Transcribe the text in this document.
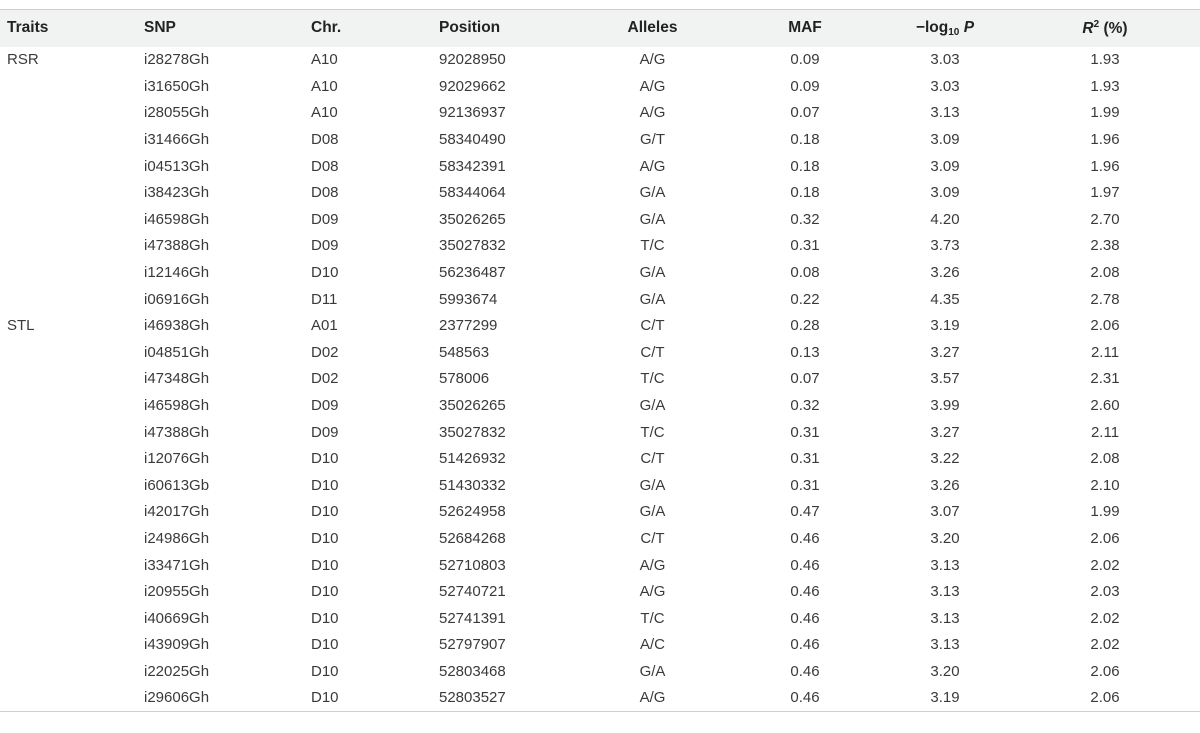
Traits	SNP	Chr.	Position	Alleles	MAF	$-\log_{10}$ P	$R^2$ (%)
RSR	i28278Gh	A10	92028950	A/G	0.09	3.03	1.93
	i31650Gh	A10	92029662	A/G	0.09	3.03	1.93
	i28055Gh	A10	92136937	A/G	0.07	3.13	1.99
	i31466Gh	D08	58340490	G/T	0.18	3.09	1.96
	i04513Gh	D08	58342391	A/G	0.18	3.09	1.96
	i38423Gh	D08	58344064	G/A	0.18	3.09	1.97
	i46598Gh	D09	35026265	G/A	0.32	4.20	2.70
	i47388Gh	D09	35027832	T/C	0.31	3.73	2.38
	i12146Gh	D10	56236487	G/A	0.08	3.26	2.08
	i06916Gh	D11	5993674	G/A	0.22	4.35	2.78
STL	i46938Gh	A01	2377299	C/T	0.28	3.19	2.06
	i04851Gh	D02	548563	C/T	0.13	3.27	2.11
	i47348Gh	D02	578006	T/C	0.07	3.57	2.31
	i46598Gh	D09	35026265	G/A	0.32	3.99	2.60
	i47388Gh	D09	35027832	T/C	0.31	3.27	2.11
	i12076Gh	D10	51426932	C/T	0.31	3.22	2.08
	i60613Gb	D10	51430332	G/A	0.31	3.26	2.10
	i42017Gh	D10	52624958	G/A	0.47	3.07	1.99
	i24986Gh	D10	52684268	C/T	0.46	3.20	2.06
	i33471Gh	D10	52710803	A/G	0.46	3.13	2.02
	i20955Gh	D10	52740721	A/G	0.46	3.13	2.03
	i40669Gh	D10	52741391	T/C	0.46	3.13	2.02
	i43909Gh	D10	52797907	A/C	0.46	3.13	2.02
	i22025Gh	D10	52803468	G/A	0.46	3.20	2.06
	i29606Gh	D10	52803527	A/G	0.46	3.19	2.06
